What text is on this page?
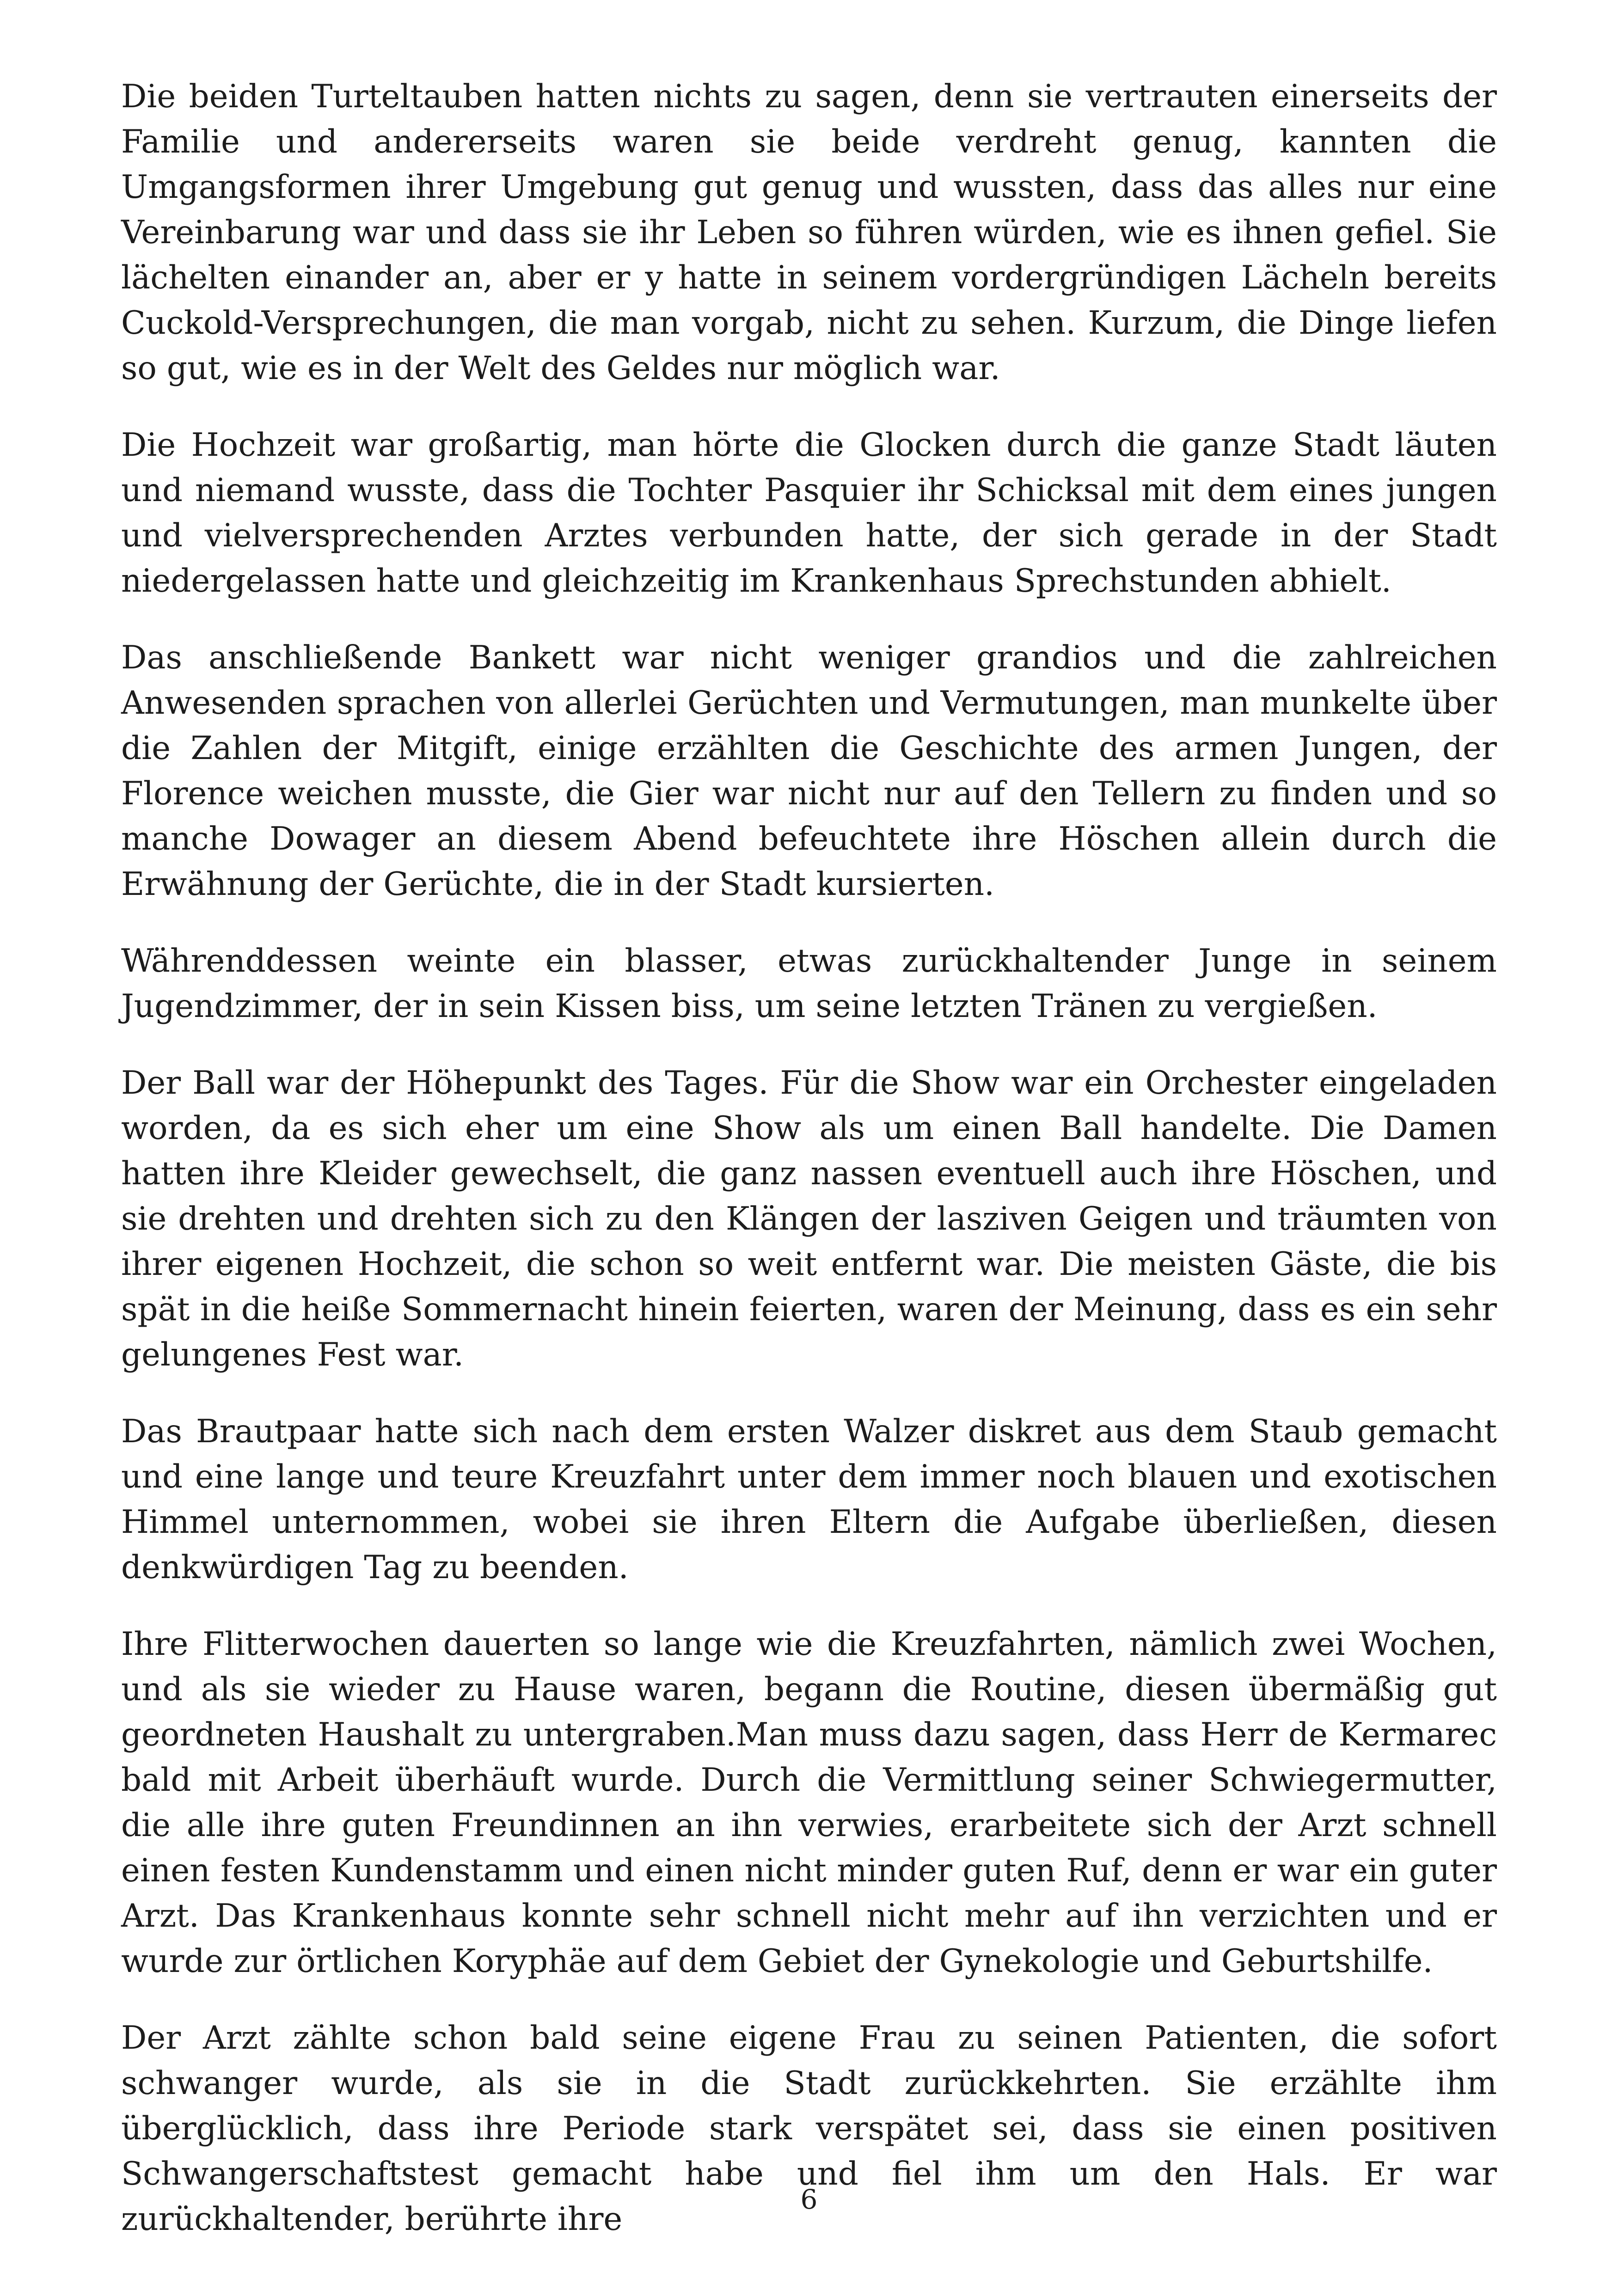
Die beiden Turteltauben hatten nichts zu sagen, denn sie vertrauten einerseits der Familie und andererseits waren sie beide verdreht genug, kannten die Umgangsformen ihrer Umgebung gut genug und wussten, dass das alles nur eine Vereinbarung war und dass sie ihr Leben so führen würden, wie es ihnen gefiel. Sie lächelten einander an, aber er y hatte in seinem vordergründigen Lächeln bereits Cuckold-Versprechungen, die man vorgab, nicht zu sehen. Kurzum, die Dinge liefen so gut, wie es in der Welt des Geldes nur möglich war.

Die Hochzeit war großartig, man hörte die Glocken durch die ganze Stadt läuten und niemand wusste, dass die Tochter Pasquier ihr Schicksal mit dem eines jungen und vielversprechenden Arztes verbunden hatte, der sich gerade in der Stadt niedergelassen hatte und gleichzeitig im Krankenhaus Sprechstunden abhielt.

Das anschließende Bankett war nicht weniger grandios und die zahlreichen Anwesenden sprachen von allerlei Gerüchten und Vermutungen, man munkelte über die Zahlen der Mitgift, einige erzählten die Geschichte des armen Jungen, der Florence weichen musste, die Gier war nicht nur auf den Tellern zu finden und so manche Dowager an diesem Abend befeuchtete ihre Höschen allein durch die Erwähnung der Gerüchte, die in der Stadt kursierten.

Währenddessen weinte ein blasser, etwas zurückhaltender Junge in seinem Jugendzimmer, der in sein Kissen biss, um seine letzten Tränen zu vergießen.

Der Ball war der Höhepunkt des Tages. Für die Show war ein Orchester eingeladen worden, da es sich eher um eine Show als um einen Ball handelte. Die Damen hatten ihre Kleider gewechselt, die ganz nassen eventuell auch ihre Höschen, und sie drehten und drehten sich zu den Klängen der lasziven Geigen und träumten von ihrer eigenen Hochzeit, die schon so weit entfernt war. Die meisten Gäste, die bis spät in die heiße Sommernacht hinein feierten, waren der Meinung, dass es ein sehr gelungenes Fest war.

Das Brautpaar hatte sich nach dem ersten Walzer diskret aus dem Staub gemacht und eine lange und teure Kreuzfahrt unter dem immer noch blauen und exotischen Himmel unternommen, wobei sie ihren Eltern die Aufgabe überließen, diesen denkwürdigen Tag zu beenden.

Ihre Flitterwochen dauerten so lange wie die Kreuzfahrten, nämlich zwei Wochen, und als sie wieder zu Hause waren, begann die Routine, diesen übermäßig gut geordneten Haushalt zu untergraben.Man muss dazu sagen, dass Herr de Kermarec bald mit Arbeit überhäuft wurde. Durch die Vermittlung seiner Schwiegermutter, die alle ihre guten Freundinnen an ihn verwies, erarbeitete sich der Arzt schnell einen festen Kundenstamm und einen nicht minder guten Ruf, denn er war ein guter Arzt. Das Krankenhaus konnte sehr schnell nicht mehr auf ihn verzichten und er wurde zur örtlichen Koryphäe auf dem Gebiet der Gynekologie und Geburtshilfe.

Der Arzt zählte schon bald seine eigene Frau zu seinen Patienten, die sofort schwanger wurde, als sie in die Stadt zurückkehrten. Sie erzählte ihm überglücklich, dass ihre Periode stark verspätet sei, dass sie einen positiven Schwangerschaftstest gemacht habe und fiel ihm um den Hals. Er war zurückhaltender, berührte ihre

6
